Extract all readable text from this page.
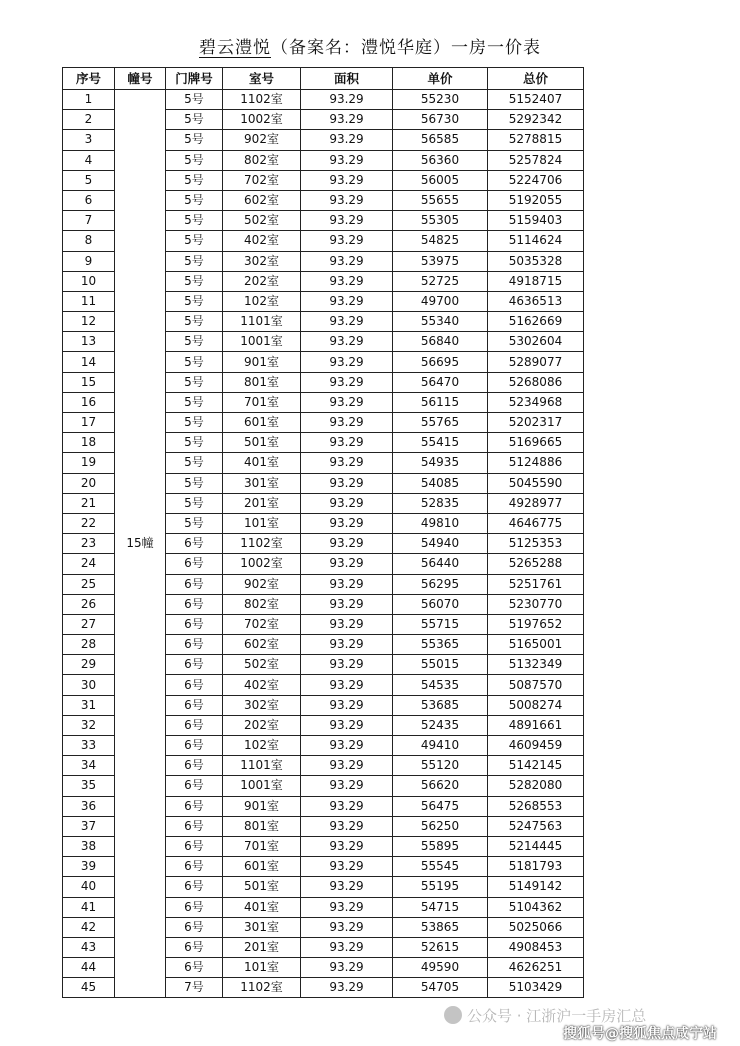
碧云澧悦（备案名：澧悦华庭）一房一价表
序号	幢号	门牌号	室号	面积	单价	总价
1	15幢	5号	1102室	93.29	55230	5152407
2		5号	1002室	93.29	56730	5292342
3		5号	902室	93.29	56585	5278815
4		5号	802室	93.29	56360	5257824
5		5号	702室	93.29	56005	5224706
6		5号	602室	93.29	55655	5192055
7		5号	502室	93.29	55305	5159403
8		5号	402室	93.29	54825	5114624
9		5号	302室	93.29	53975	5035328
10		5号	202室	93.29	52725	4918715
11		5号	102室	93.29	49700	4636513
12		5号	1101室	93.29	55340	5162669
13		5号	1001室	93.29	56840	5302604
14		5号	901室	93.29	56695	5289077
15		5号	801室	93.29	56470	5268086
16		5号	701室	93.29	56115	5234968
17		5号	601室	93.29	55765	5202317
18		5号	501室	93.29	55415	5169665
19		5号	401室	93.29	54935	5124886
20		5号	301室	93.29	54085	5045590
21		5号	201室	93.29	52835	4928977
22		5号	101室	93.29	49810	4646775
23		6号	1102室	93.29	54940	5125353
24		6号	1002室	93.29	56440	5265288
25		6号	902室	93.29	56295	5251761
26		6号	802室	93.29	56070	5230770
27		6号	702室	93.29	55715	5197652
28		6号	602室	93.29	55365	5165001
29		6号	502室	93.29	55015	5132349
30		6号	402室	93.29	54535	5087570
31		6号	302室	93.29	53685	5008274
32		6号	202室	93.29	52435	4891661
33		6号	102室	93.29	49410	4609459
34		6号	1101室	93.29	55120	5142145
35		6号	1001室	93.29	56620	5282080
36		6号	901室	93.29	56475	5268553
37		6号	801室	93.29	56250	5247563
38		6号	701室	93.29	55895	5214445
39		6号	601室	93.29	55545	5181793
40		6号	501室	93.29	55195	5149142
41		6号	401室	93.29	54715	5104362
42		6号	301室	93.29	53865	5025066
43		6号	201室	93.29	52615	4908453
44		6号	101室	93.29	49590	4626251
45		7号	1102室	93.29	54705	5103429
公众号 · 江浙沪一手房汇总
搜狐号@搜狐焦点咸宁站
